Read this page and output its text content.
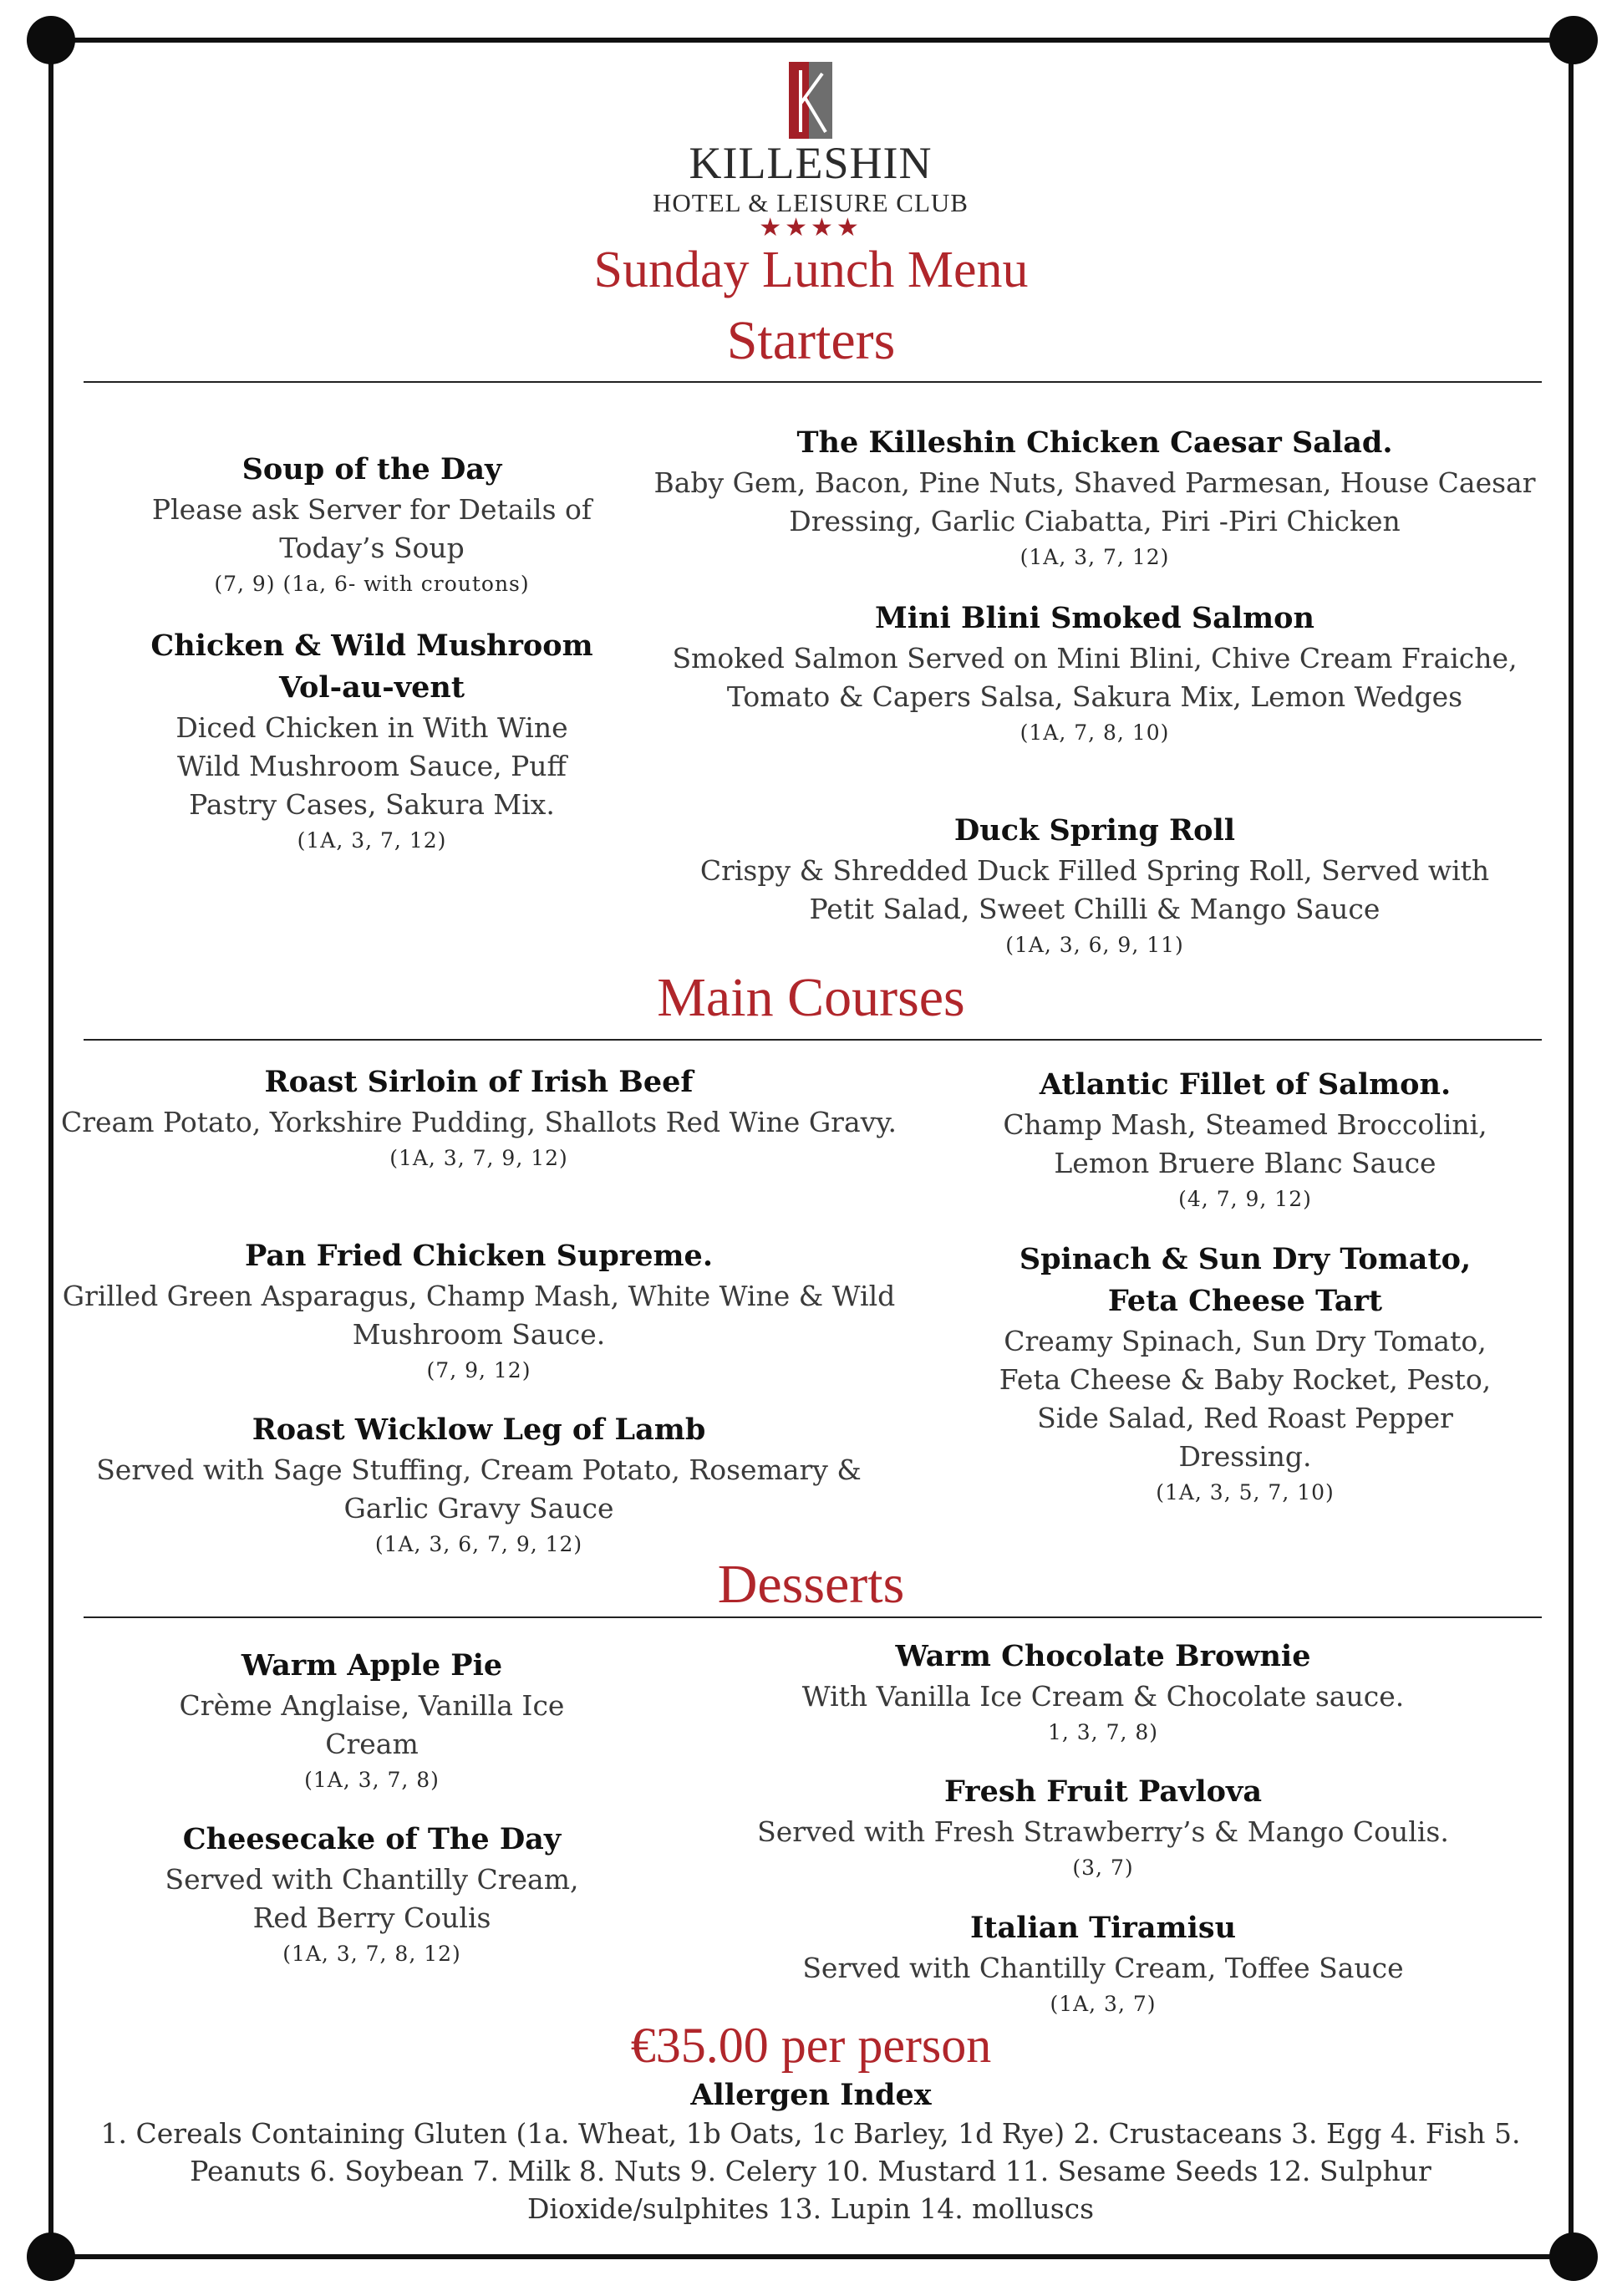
KILLESHIN
HOTEL & LEISURE CLUB
★★★★
Sunday Lunch Menu
Starters
Soup of the Day
Please ask Server for Details of Today’s Soup
(7, 9) (1a, 6- with croutons)
Chicken & Wild Mushroom Vol-au-vent
Diced Chicken in With Wine Wild Mushroom Sauce, Puff Pastry Cases, Sakura Mix.
(1A, 3, 7, 12)
The Killeshin Chicken Caesar Salad.
Baby Gem, Bacon, Pine Nuts, Shaved Parmesan, House Caesar Dressing, Garlic Ciabatta, Piri -Piri Chicken
(1A, 3, 7, 12)
Mini Blini Smoked Salmon
Smoked Salmon Served on Mini Blini, Chive Cream Fraiche, Tomato & Capers Salsa, Sakura Mix, Lemon Wedges
(1A, 7, 8, 10)
Duck Spring Roll
Crispy & Shredded Duck Filled Spring Roll, Served with Petit Salad, Sweet Chilli & Mango Sauce
(1A, 3, 6, 9, 11)
Main Courses
Roast Sirloin of Irish Beef
Cream Potato, Yorkshire Pudding, Shallots Red Wine Gravy.
(1A, 3, 7, 9, 12)
Pan Fried Chicken Supreme.
Grilled Green Asparagus, Champ Mash, White Wine & Wild Mushroom Sauce.
(7, 9, 12)
Roast Wicklow Leg of Lamb
Served with Sage Stuffing, Cream Potato, Rosemary & Garlic Gravy Sauce
(1A, 3, 6, 7, 9, 12)
Atlantic Fillet of Salmon.
Champ Mash, Steamed Broccolini, Lemon Bruere Blanc Sauce
(4, 7, 9, 12)
Spinach & Sun Dry Tomato, Feta Cheese Tart
Creamy Spinach, Sun Dry Tomato, Feta Cheese & Baby Rocket, Pesto, Side Salad, Red Roast Pepper Dressing.
(1A, 3, 5, 7, 10)
Desserts
Warm Apple Pie
Crème Anglaise, Vanilla Ice Cream
(1A, 3, 7, 8)
Cheesecake of The Day
Served with Chantilly Cream, Red Berry Coulis
(1A, 3, 7, 8, 12)
Warm Chocolate Brownie
With Vanilla Ice Cream & Chocolate sauce.
1, 3, 7, 8)
Fresh Fruit Pavlova
Served with Fresh Strawberry’s & Mango Coulis.
(3, 7)
Italian Tiramisu
Served with Chantilly Cream, Toffee Sauce
(1A, 3, 7)
€35.00 per person
Allergen Index
1. Cereals Containing Gluten (1a. Wheat, 1b Oats, 1c Barley, 1d Rye) 2. Crustaceans 3. Egg 4. Fish 5. Peanuts 6. Soybean 7. Milk 8. Nuts 9. Celery 10. Mustard 11. Sesame Seeds 12. Sulphur Dioxide/sulphites 13. Lupin 14. molluscs
